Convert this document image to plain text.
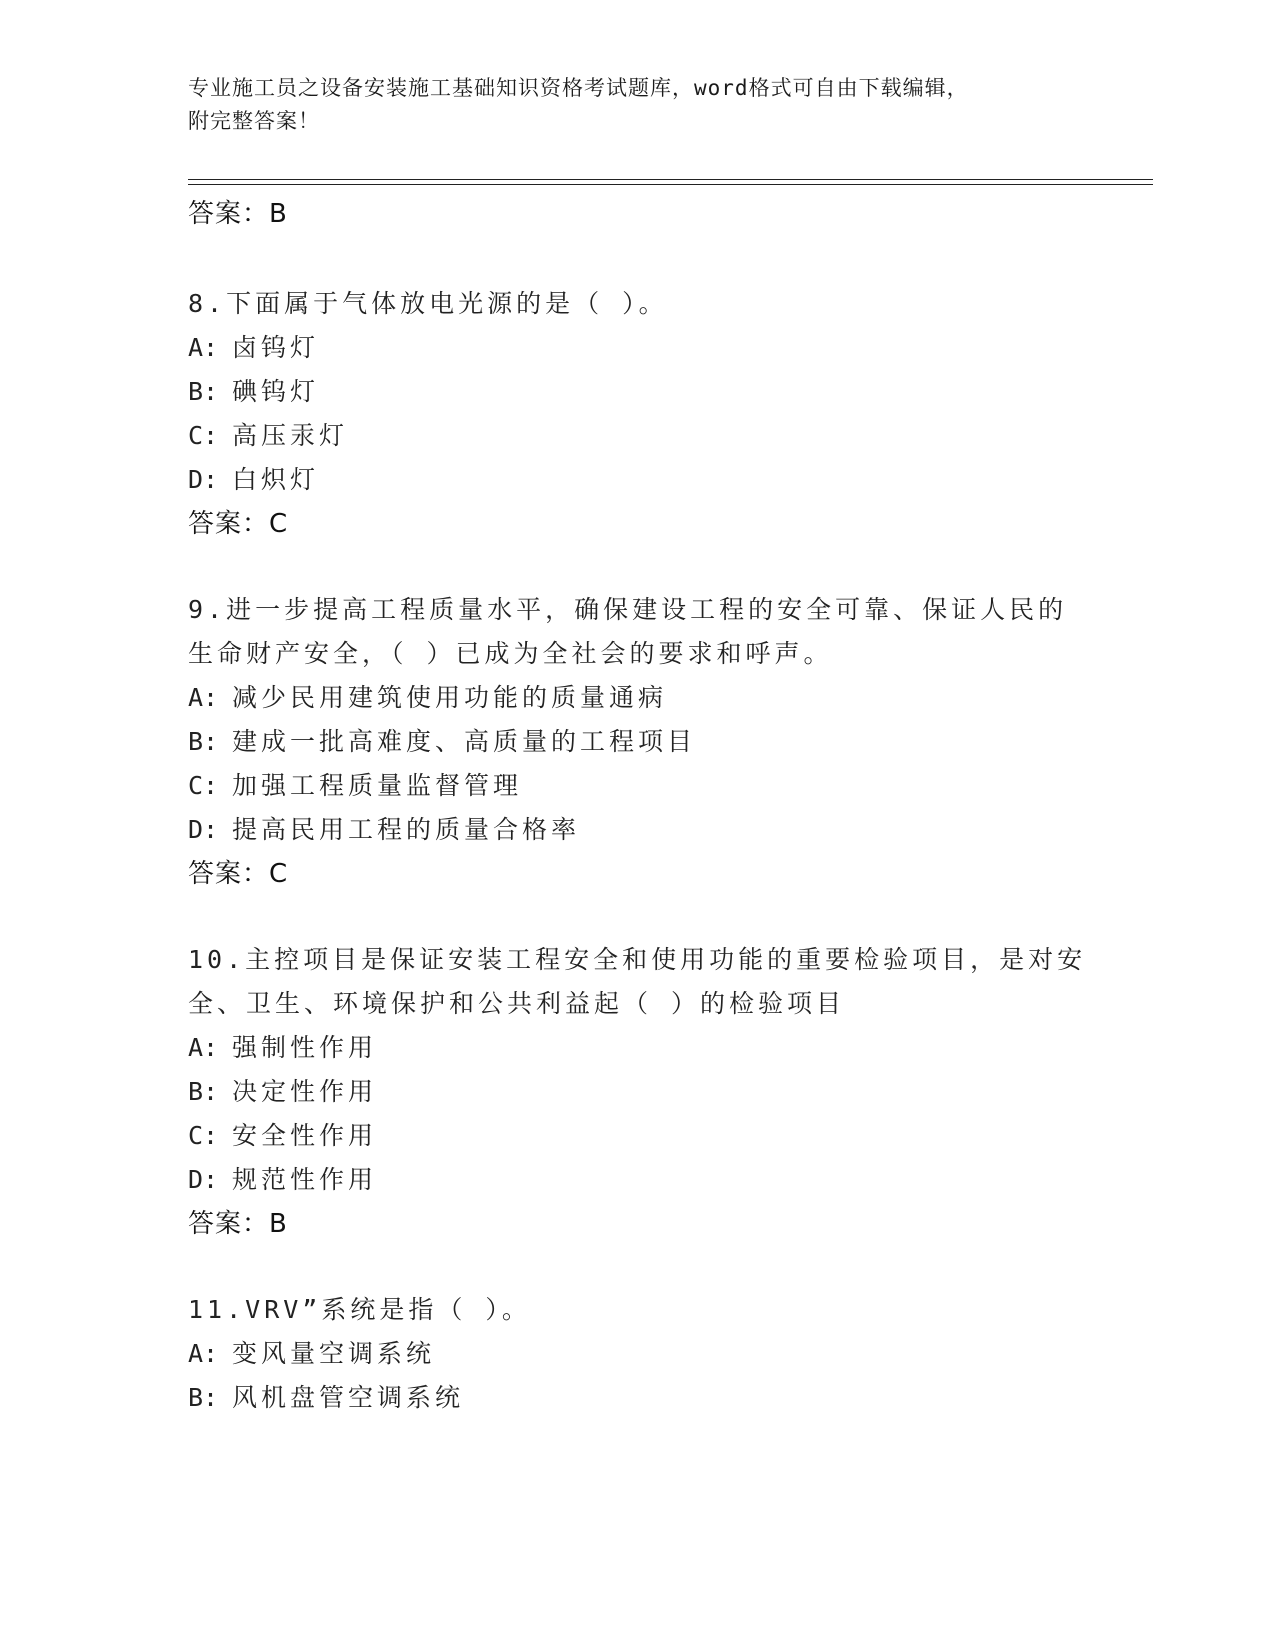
专业施工员之设备安装施工基础知识资格考试题库，word格式可自由下载编辑，
附完整答案！
答案：B
8.下面属于气体放电光源的是（ ）。
A: 卤钨灯
B: 碘钨灯
C: 高压汞灯
D: 白炽灯
答案：C
9.进一步提高工程质量水平，确保建设工程的安全可靠、保证人民的
生命财产安全，（ ）已成为全社会的要求和呼声。
A: 减少民用建筑使用功能的质量通病
B: 建成一批高难度、高质量的工程项目
C: 加强工程质量监督管理
D: 提高民用工程的质量合格率
答案：C
10.主控项目是保证安装工程安全和使用功能的重要检验项目，是对安
全、卫生、环境保护和公共利益起（ ）的检验项目
A: 强制性作用
B: 决定性作用
C: 安全性作用
D: 规范性作用
答案：B
11.VRV”系统是指（ ）。
A: 变风量空调系统
B: 风机盘管空调系统
